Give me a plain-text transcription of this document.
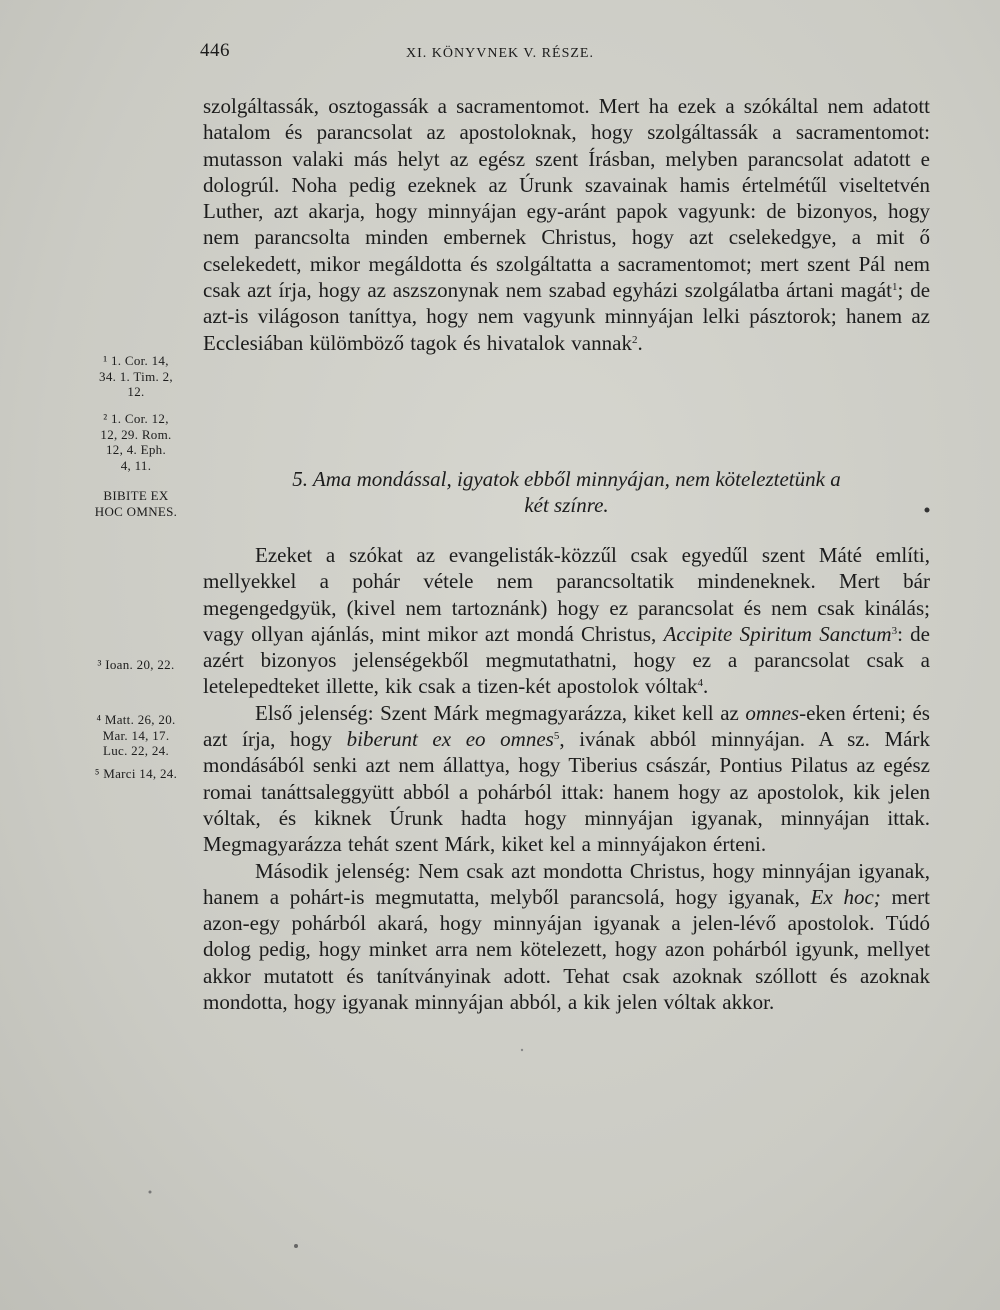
446	XI. KÖNYVNEK V. RÉSZE.

szolgáltassák, osztogassák a sacramentomot. Mert ha ezek a szókáltal nem adatott hatalom és parancsolat az apostoloknak, hogy szolgáltassák a sacramentomot: mutasson valaki más helyt az egész szent Írásban, melyben parancsolat adatott e dologrúl. Noha pedig ezeknek az Úrunk szavainak hamis értelmétűl viseltetvén Luther, azt akarja, hogy minnyájan egy-aránt papok vagyunk: de bizonyos, hogy nem parancsolta minden embernek Christus, hogy azt cselekedgye, a mit ő cselekedett, mikor megáldotta és szolgáltatta a sacramentomot; mert szent Pál nem csak azt írja, hogy az aszszonynak nem szabad egyházi szolgálatba ártani magát$^1$; de azt-is világoson taníttya, hogy nem vagyunk minnyájan lelki pásztorok; hanem az Ecclesiában külömböző tagok és hivatalok vannak$^2$.

5. Ama mondással, igyatok ebből minnyájan, nem köteleztetünk a
két színre.

Ezeket a szókat az evangelisták-közzűl csak egyedűl szent Máté említi, mellyekkel a pohár vétele nem parancsoltatik mindeneknek. Mert bár megengedgyük, (kivel nem tartoznánk) hogy ez parancsolat és nem csak kinálás; vagy ollyan ajánlás, mint mikor azt mondá Christus, Accipite Spiritum Sanctum$^3$: de azért bizonyos jelenségekből megmutathatni, hogy ez a parancsolat csak a letelepedteket illette, kik csak a tizen-két apostolok vóltak$^4$.

Első jelenség: Szent Márk megmagyarázza, kiket kell az omnes-eken érteni; és azt írja, hogy biberunt ex eo omnes$^5$, ivának abból minnyájan. A sz. Márk mondásából senki azt nem állattya, hogy Tiberius császár, Pontius Pilatus az egész romai tanáttsaleggyütt abból a pohárból ittak: hanem hogy az apostolok, kik jelen vóltak, és kiknek Úrunk hadta hogy minnyájan igyanak, minnyájan ittak. Megmagyarázza tehát szent Márk, kiket kel a minnyájakon érteni.

Második jelenség: Nem csak azt mondotta Christus, hogy minnyájan igyanak, hanem a pohárt-is megmutatta, melyből parancsolá, hogy igyanak, Ex hoc; mert azon-egy pohárból akará, hogy minnyájan igyanak a jelen-lévő apostolok. Túdó dolog pedig, hogy minket arra nem kötelezett, hogy azon pohárból igyunk, mellyet akkor mutatott és tanítványinak adott. Tehat csak azoknak szóllott és azoknak mondotta, hogy igyanak minnyájan abból, a kik jelen vóltak akkor.

¹ 1. Cor. 14,
34. 1. Tim. 2,
12.
² 1. Cor. 12,
12, 29. Rom.
12, 4. Eph.
4, 11.
BIBITE EX
HOC OMNES.
³ Ioan. 20, 22.
⁴ Matt. 26, 20.
Mar. 14, 17.
Luc. 22, 24.
⁵ Marci 14, 24.
